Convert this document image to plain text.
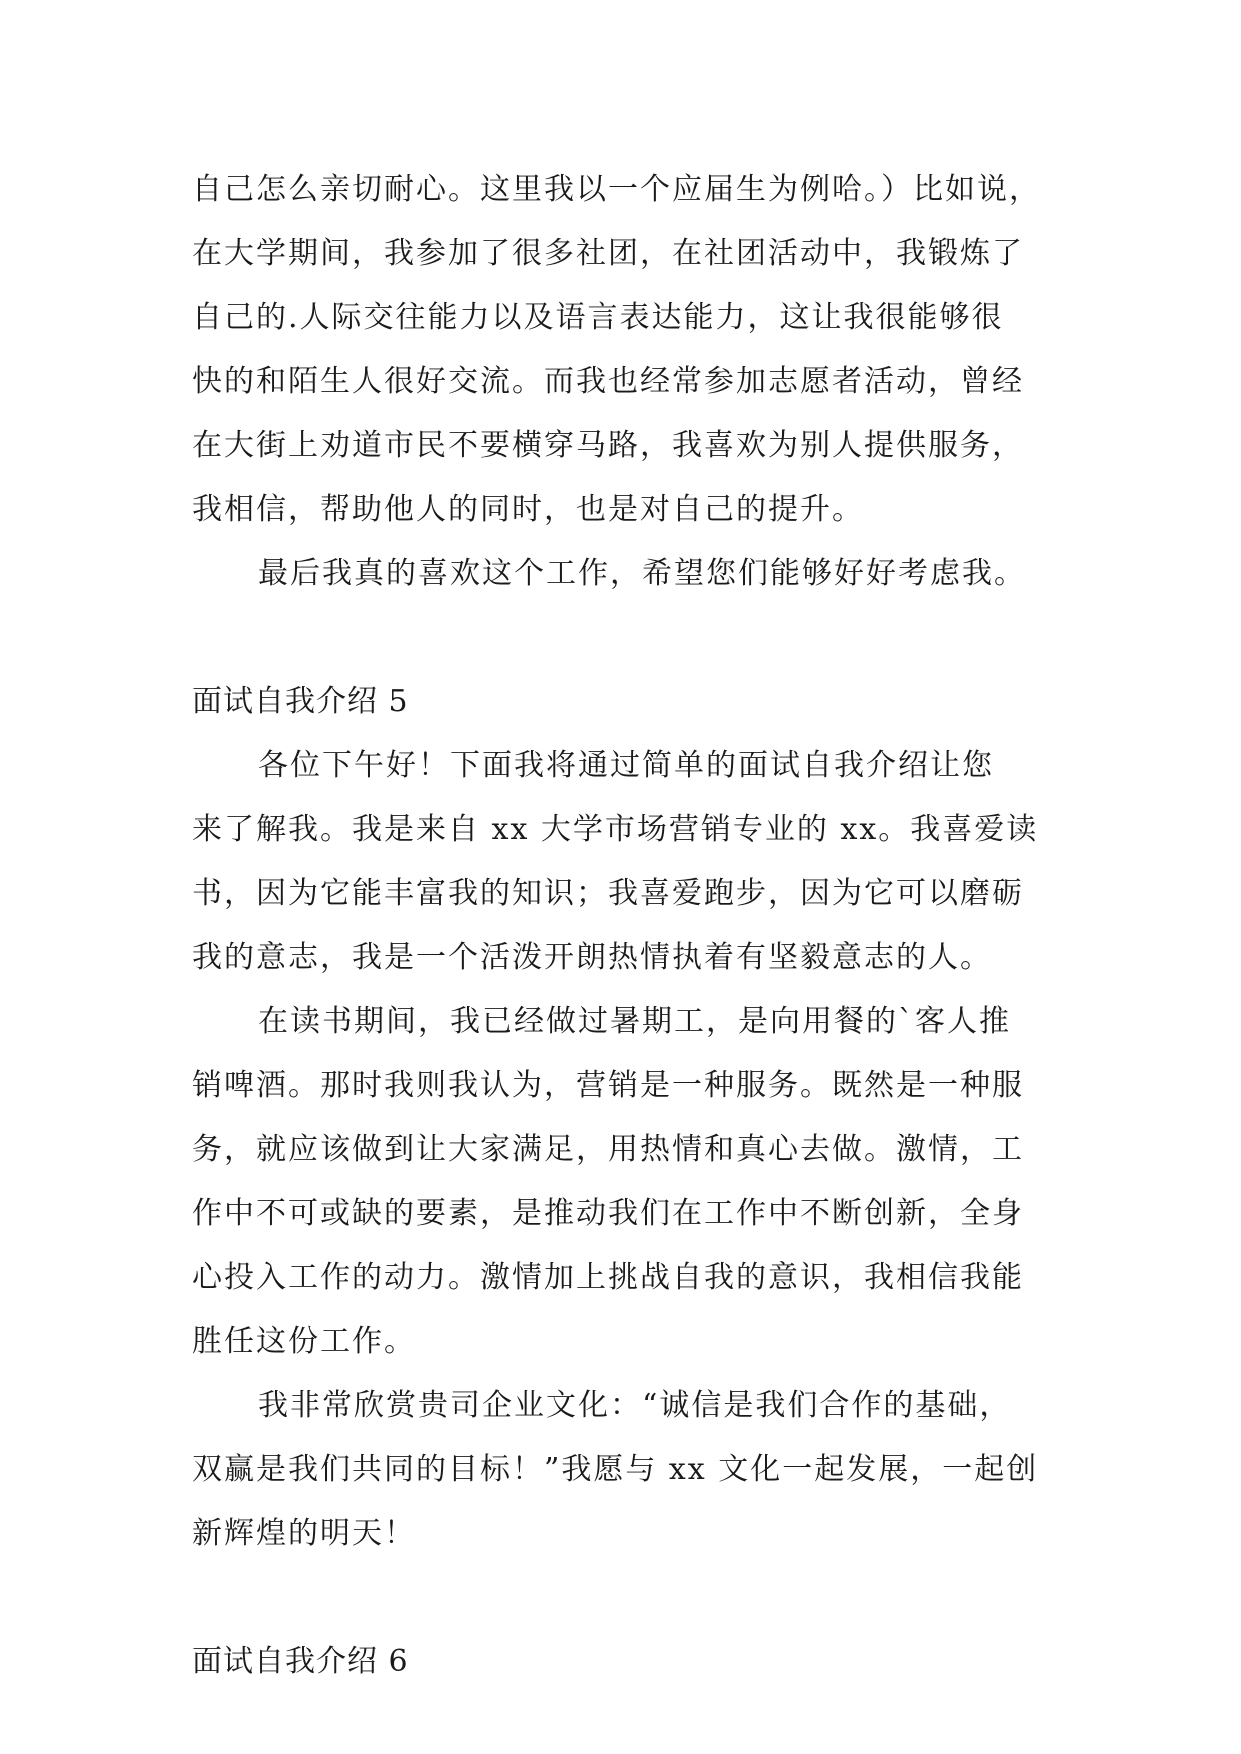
自己怎么亲切耐心。这里我以一个应届生为例哈。）比如说，
在大学期间，我参加了很多社团，在社团活动中，我锻炼了
自己的.人际交往能力以及语言表达能力，这让我很能够很
快的和陌生人很好交流。而我也经常参加志愿者活动，曾经
在大街上劝道市民不要横穿马路，我喜欢为别人提供服务，
我相信，帮助他人的同时，也是对自己的提升。
最后我真的喜欢这个工作，希望您们能够好好考虑我。
面试自我介绍 5
各位下午好！下面我将通过简单的面试自我介绍让您
来了解我。我是来自 xx 大学市场营销专业的 xx。我喜爱读
书，因为它能丰富我的知识；我喜爱跑步，因为它可以磨砺
我的意志，我是一个活泼开朗热情执着有坚毅意志的人。
在读书期间，我已经做过暑期工，是向用餐的`客人推
销啤酒。那时我则我认为，营销是一种服务。既然是一种服
务，就应该做到让大家满足，用热情和真心去做。激情，工
作中不可或缺的要素，是推动我们在工作中不断创新，全身
心投入工作的动力。激情加上挑战自我的意识，我相信我能
胜任这份工作。
我非常欣赏贵司企业文化：“诚信是我们合作的基础，
双赢是我们共同的目标！”我愿与 xx 文化一起发展，一起创
新辉煌的明天！
面试自我介绍 6
